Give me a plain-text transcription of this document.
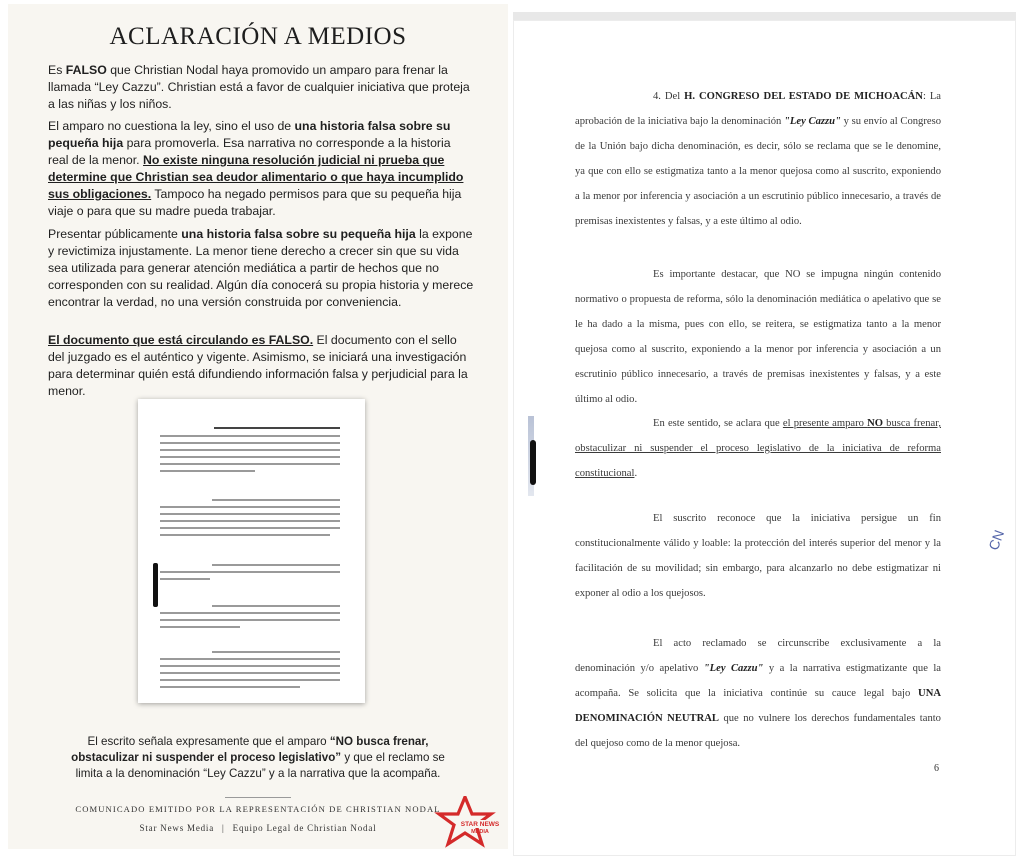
ACLARACIÓN A MEDIOS

Es FALSO que Christian Nodal haya promovido un amparo para frenar la llamada “Ley Cazzu”. Christian está a favor de cualquier iniciativa que proteja a las niñas y los niños.

El amparo no cuestiona la ley, sino el uso de una historia falsa sobre su pequeña hija para promoverla. Esa narrativa no corresponde a la historia real de la menor. No existe ninguna resolución judicial ni prueba que determine que Christian sea deudor alimentario o que haya incumplido sus obligaciones. Tampoco ha negado permisos para que su pequeña hija viaje o para que su madre pueda trabajar.

Presentar públicamente una historia falsa sobre su pequeña hija la expone y revictimiza injustamente. La menor tiene derecho a crecer sin que su vida sea utilizada para generar atención mediática a partir de hechos que no corresponden con su realidad. Algún día conocerá su propia historia y merece encontrar la verdad, no una versión construida por conveniencia.

El documento que está circulando es FALSO. El documento con el sello del juzgado es el auténtico y vigente. Asimismo, se iniciará una investigación para determinar quién está difundiendo información falsa y perjudicial para la menor.

El escrito señala expresamente que el amparo “NO busca frenar, obstaculizar ni suspender el proceso legislativo” y que el reclamo se limita a la denominación “Ley Cazzu” y a la narrativa que la acompaña.

COMUNICADO EMITIDO POR LA REPRESENTACIÓN DE CHRISTIAN NODAL
Star News Media | Equipo Legal de Christian Nodal	STAR NEWS
MEDIA

4. Del H. CONGRESO DEL ESTADO DE MICHOACÁN: La aprobación de la iniciativa bajo la denominación "Ley Cazzu" y su envío al Congreso de la Unión bajo dicha denominación, es decir, sólo se reclama que se le denomine, ya que con ello se estigmatiza tanto a la menor quejosa como al suscrito, exponiendo a la menor por inferencia y asociación a un escrutinio público innecesario, a través de premisas inexistentes y falsas, y a este último al odio.

Es importante destacar, que NO se impugna ningún contenido normativo o propuesta de reforma, sólo la denominación mediática o apelativo que se le ha dado a la misma, pues con ello, se reitera, se estigmatiza tanto a la menor quejosa como al suscrito, exponiendo a la menor por inferencia y asociación a un escrutinio público innecesario, a través de premisas inexistentes y falsas, y a este último al odio.

En este sentido, se aclara que el presente amparo NO busca frenar, obstaculizar ni suspender el proceso legislativo de la iniciativa de reforma constitucional.

El suscrito reconoce que la iniciativa persigue un fin constitucionalmente válido y loable: la protección del interés superior del menor y la facilitación de su movilidad; sin embargo, para alcanzarlo no debe estigmatizar ni exponer al odio a los quejosos.

El acto reclamado se circunscribe exclusivamente a la denominación y/o apelativo "Ley Cazzu" y a la narrativa estigmatizante que la acompaña. Se solicita que la iniciativa continúe su cauce legal bajo UNA DENOMINACIÓN NEUTRAL que no vulnere los derechos fundamentales tanto del quejoso como de la menor quejosa.

6
CN
